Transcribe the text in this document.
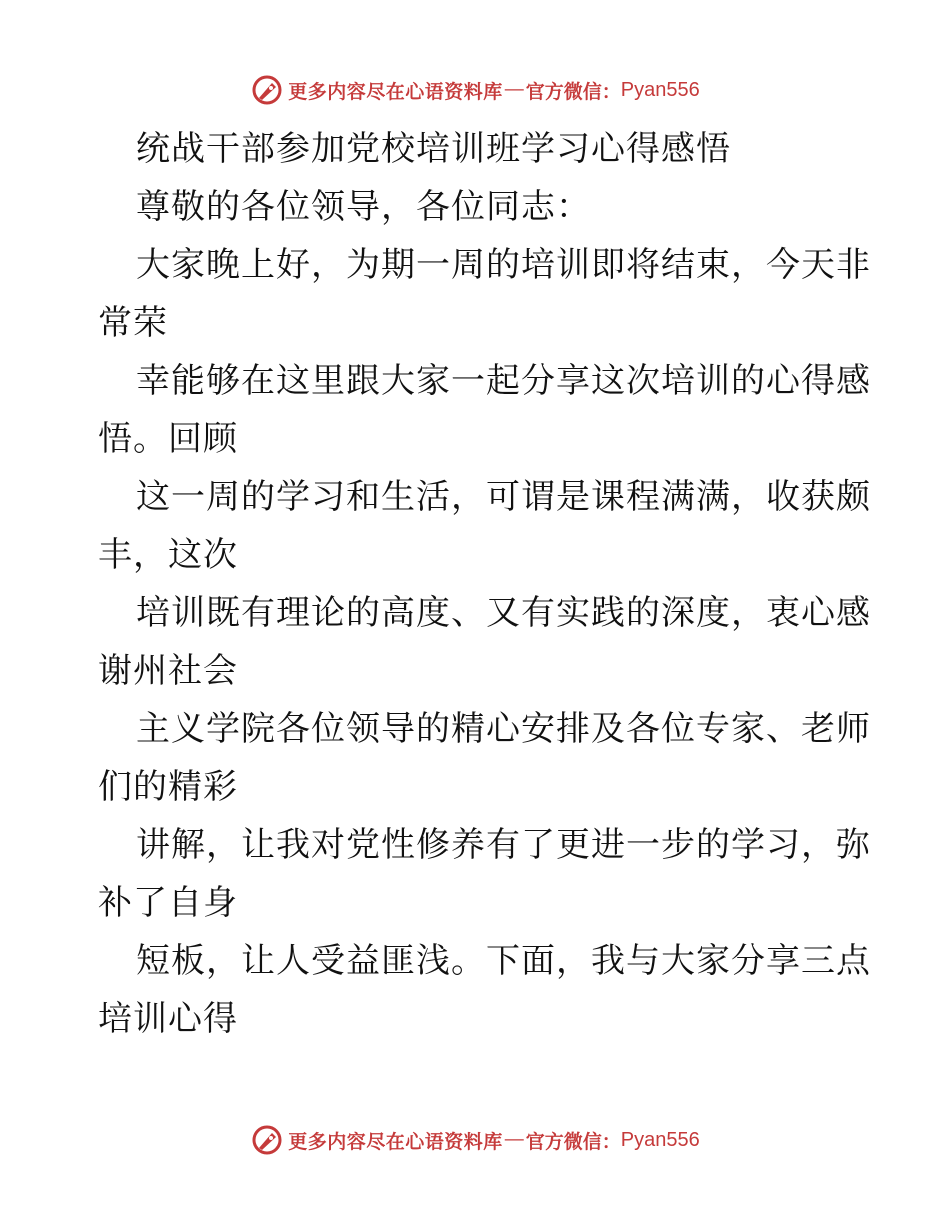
更多内容尽在心语资料库 — 官方微信： Pyan556
统战干部参加党校培训班学习心得感悟
尊敬的各位领导，各位同志：
大家晚上好，为期一周的培训即将结束，今天非
常荣
幸能够在这里跟大家一起分享这次培训的心得感
悟。回顾
这一周的学习和生活，可谓是课程满满，收获颇
丰，这次
培训既有理论的高度、又有实践的深度，衷心感
谢州社会
主义学院各位领导的精心安排及各位专家、老师
们的精彩
讲解，让我对党性修养有了更进一步的学习，弥
补了自身
短板，让人受益匪浅。下面，我与大家分享三点
培训心得
更多内容尽在心语资料库 — 官方微信： Pyan556
